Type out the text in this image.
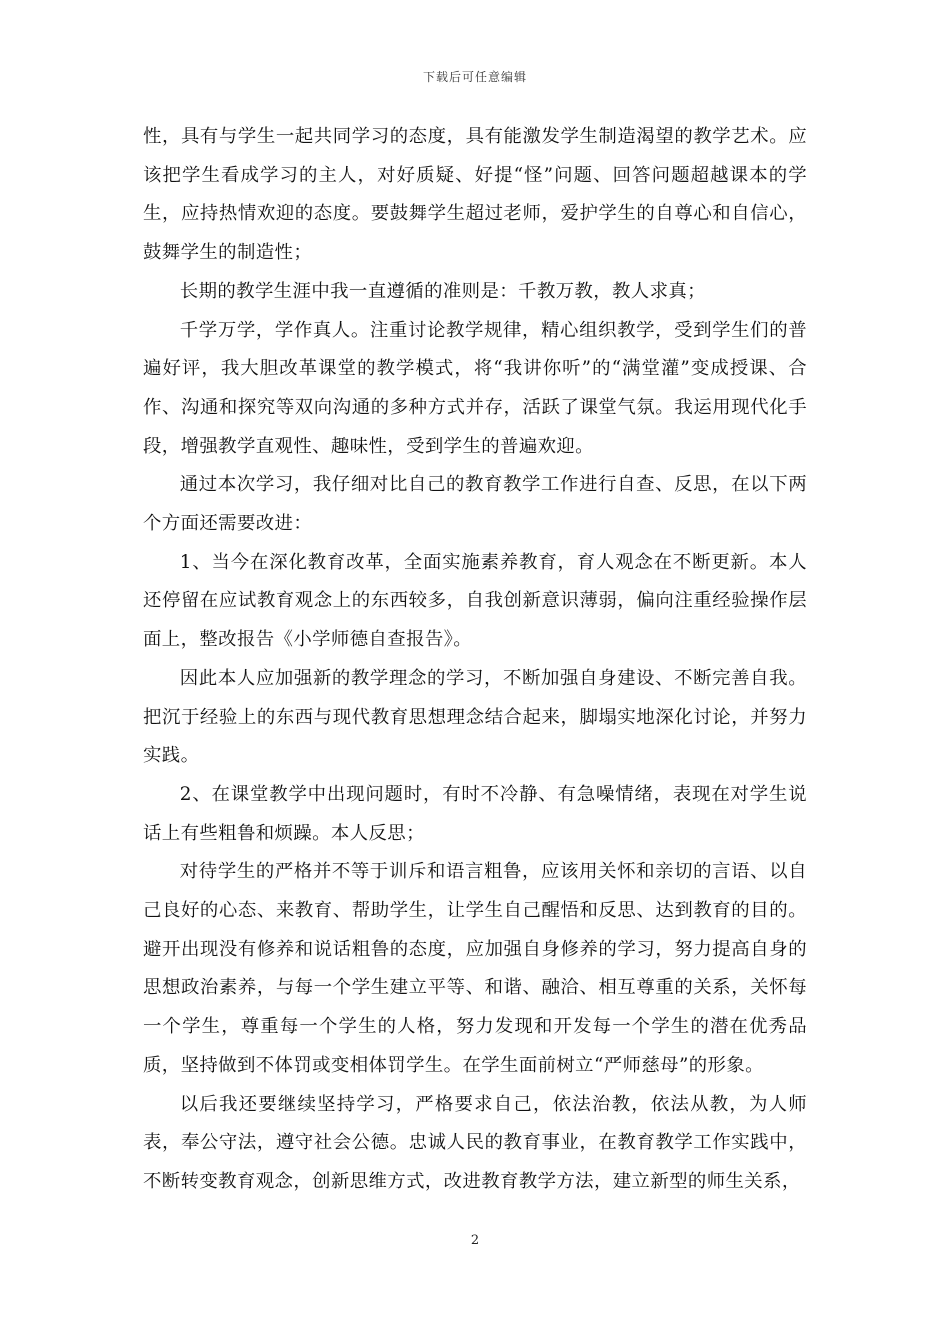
下载后可任意编辑

性，具有与学生一起共同学习的态度，具有能激发学生制造渴望的教学艺术。应该把学生看成学习的主人，对好质疑、好提“怪”问题、回答问题超越课本的学生，应持热情欢迎的态度。要鼓舞学生超过老师，爱护学生的自尊心和自信心，鼓舞学生的制造性；

长期的教学生涯中我一直遵循的准则是：千教万教，教人求真；

千学万学，学作真人。注重讨论教学规律，精心组织教学，受到学生们的普遍好评，我大胆改革课堂的教学模式，将“我讲你听”的“满堂灌”变成授课、合作、沟通和探究等双向沟通的多种方式并存，活跃了课堂气氛。我运用现代化手段，增强教学直观性、趣味性，受到学生的普遍欢迎。

通过本次学习，我仔细对比自己的教育教学工作进行自查、反思，在以下两个方面还需要改进：

1、当今在深化教育改革，全面实施素养教育，育人观念在不断更新。本人还停留在应试教育观念上的东西较多，自我创新意识薄弱，偏向注重经验操作层面上，整改报告《小学师德自查报告》。

因此本人应加强新的教学理念的学习，不断加强自身建设、不断完善自我。把沉于经验上的东西与现代教育思想理念结合起来，脚塌实地深化讨论，并努力实践。

2、在课堂教学中出现问题时，有时不冷静、有急噪情绪，表现在对学生说话上有些粗鲁和烦躁。本人反思；

对待学生的严格并不等于训斥和语言粗鲁，应该用关怀和亲切的言语、以自己良好的心态、来教育、帮助学生，让学生自己醒悟和反思、达到教育的目的。避开出现没有修养和说话粗鲁的态度，应加强自身修养的学习，努力提高自身的思想政治素养，与每一个学生建立平等、和谐、融洽、相互尊重的关系，关怀每一个学生，尊重每一个学生的人格，努力发现和开发每一个学生的潜在优秀品质，坚持做到不体罚或变相体罚学生。在学生面前树立“严师慈母”的形象。

以后我还要继续坚持学习，严格要求自己，依法治教，依法从教，为人师表，奉公守法，遵守社会公德。忠诚人民的教育事业，在教育教学工作实践中，不断转变教育观念，创新思维方式，改进教育教学方法，建立新型的师生关系，

2
